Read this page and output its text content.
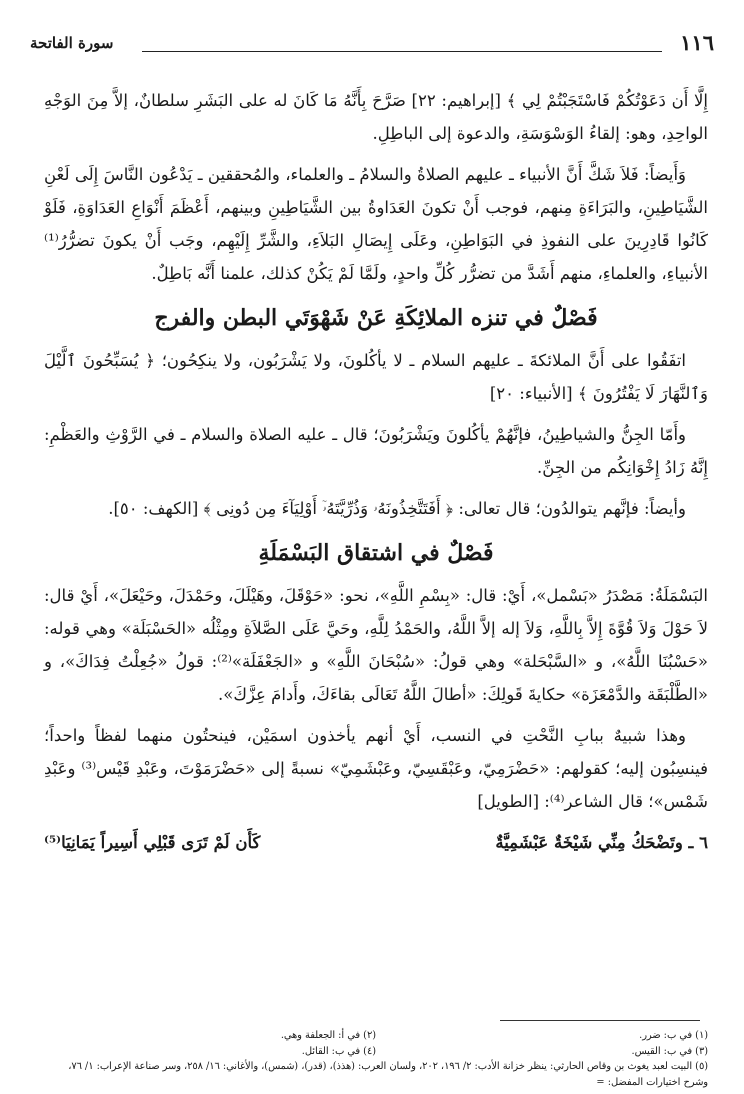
١١٦
سورة الفاتحة

إِلَّا أَن دَعَوْتُكُمْ فَاسْتَجَبْتُمْ لِي ﴾ [إبراهيم: ٢٢] صَرَّحَ بِأَنَّهُ مَا كَانَ له على البَشَرِ سلطانٌ، إلاَّ مِنَ الوَجْهِ الواحِدِ، وهو: إلقاءُ الوَسْوَسَةِ، والدعوة إلى الباطِلِ.

وَأَيضاً: فَلاَ شَكَّ أَنَّ الأنبياء ـ عليهم الصلاةُ والسلامُ ـ والعلماء، والمُحققين ـ يَدْعُون النَّاسَ إِلَى لَعْنِ الشَّيَاطِينِ، والبَرَاءَةِ مِنهم، فوجب أَنْ تكونَ العَدَاوةُ بين الشَّيَاطِينِ وبينهم، أَعْظَمَ أَنْوَاعِ العَدَاوَةِ، فَلَوْ كَانُوا قَادِرِينَ على النفوذِ في البَوَاطِنِ، وعَلَى إِيصَالِ البَلاَءِ، والشَّرِّ إِلَيْهِم، وجَب أَنْ يكونَ تضرُّرُ⁽¹⁾ الأنبياءِ، والعلماءِ، منهم أَشَدَّ من تضرُّر كُلِّ واحدٍ، ولَمَّا لَمْ يَكُنْ كذلك، علمنا أَنَّه بَاطِلٌ.

فَصْلٌ في تنزه الملائِكَةِ عَنْ شَهْوَتَي البطن والفرج

اتفَقُوا على أَنَّ الملائكةَ ـ عليهم السلام ـ لا يأكُلونَ، ولا يَشْرَبُون، ولا ينكِحُون؛ ﴿ يُسَبِّحُونَ ٱلَّيْلَ وَٱلنَّهَارَ لَا يَفْتُرُونَ ﴾ [الأنبياء: ٢٠]

وأَمّا الجِنُّ والشياطِينُ، فإنَّهُمْ يأكُلونَ ويَشْرَبُونَ؛ قال ـ عليه الصلاة والسلام ـ في الرَّوْثِ والعَظْمِ: إِنَّهُ زَادُ إِخْوَانِكُم من الجِنِّ.

وأيضاً: فإنَّهم يتوالدُون؛ قال تعالى: ﴿ أَفَتَتَّخِذُونَهُۥ وَذُرِّيَّتَهُۥٓ أَوْلِيَآءَ مِن دُونِى ﴾ [الكهف: ٥٠].

فَصْلٌ في اشتقاق البَسْمَلَةِ

البَسْمَلَةُ: مَصْدَرُ «بَسْمل»، أَيْ: قال: «بِسْمِ اللَّهِ»، نحو: «حَوْقَلَ، وهَيْلَلَ، وحَمْدَلَ، وحَيْعَلَ»، أَيْ قال: لاَ حَوْلَ وَلاَ قُوَّةَ إِلاَّ بِاللَّهِ، وَلاَ إله إلاَّ اللَّهُ، والحَمْدُ لِلَّهِ، وحَيَّ عَلَى الصَّلاَةِ ومِثْلُه «الحَسْبَلَة» وهي قوله: «حَسْبُنَا اللَّهُ»، و «السَّبْحَلة» وهي قولُ: «سُبْحَانَ اللَّهِ» و «الجَعْفَلَة»⁽²⁾: قولُ «جُعِلْتُ فِدَاكَ»، و «الطَّلْبَقَة والدَّمْعَزَة» حكايةَ قَولِكَ: «أطالَ اللَّهُ تَعَالَى بقاءَكَ، وأَدامَ عِزَّكَ».

وهذا شبيهٌ ببابِ النَّحْتِ في النسب، أَيْ أنهم يأخذون اسمَيْن، فينحتُون منهما لفظاً واحداً؛ فينسِبُون إليه؛ كقولهم: «حَضْرَمِيّ، وعَبْقَسِيّ، وعَبْشَمِيّ» نسبةً إلى «حَضْرَمَوْتَ، وعَبْدِ قَيْس⁽³⁾ وعَبْدِ شَمْس»؛ قال الشاعر⁽⁴⁾: [الطويل]

٦ ـ وتَضْحَكُ مِنِّي شَيْخَةٌ عَبْشَمِيَّةٌ
كَأَن لَمْ تَرَى قَبْلِي أَسِيراً يَمَانِيَا⁽⁵⁾
(١) في ب: ضرر.
(٢) في أ: الجعلفة وهي.
(٣) في ب: القيس.
(٤) في ب: القائل.
(٥) البيت لعبد يغوث بن وقاص الحارثي: ينظر خزانة الأدب: ٢/ ١٩٦، ٢٠٢، ولسان العرب: (هذذ)، (قدر)، (شمس)، والأغاني: ١٦/ ٢٥٨، وسر صناعة الإعراب: ١/ ٧٦، وشرح اختيارات المفضل: =
